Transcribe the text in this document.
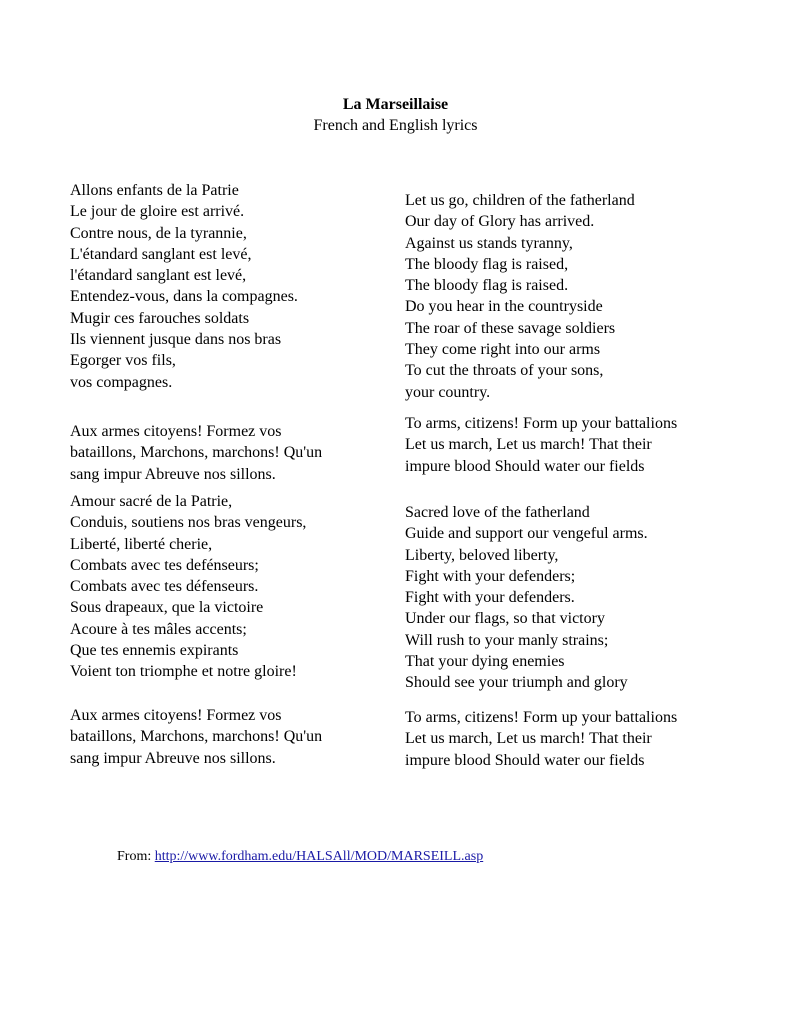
La Marseillaise
French and English lyrics

Allons enfants de la Patrie
Le jour de gloire est arrivé.
Contre nous, de la tyrannie,
L'étandard sanglant est levé,
l'étandard sanglant est levé,
Entendez-vous, dans la compagnes.
Mugir ces farouches soldats
Ils viennent jusque dans nos bras
Egorger vos fils,
vos compagnes.

Let us go, children of the fatherland
Our day of Glory has arrived.
Against us stands tyranny,
The bloody flag is raised,
The bloody flag is raised.
Do you hear in the countryside
The roar of these savage soldiers
They come right into our arms
To cut the throats of your sons,
your country.

Aux armes citoyens! Formez vos
bataillons, Marchons, marchons! Qu'un
sang impur Abreuve nos sillons.

To arms, citizens! Form up your battalions
Let us march, Let us march! That their
impure blood Should water our fields

Amour sacré de la Patrie,
Conduis, soutiens nos bras vengeurs,
Liberté, liberté cherie,
Combats avec tes defénseurs;
Combats avec tes défenseurs.
Sous drapeaux, que la victoire
Acoure à tes mâles accents;
Que tes ennemis expirants
Voient ton triomphe et notre gloire!

Sacred love of the fatherland
Guide and support our vengeful arms.
Liberty, beloved liberty,
Fight with your defenders;
Fight with your defenders.
Under our flags, so that victory
Will rush to your manly strains;
That your dying enemies
Should see your triumph and glory

Aux armes citoyens! Formez vos
bataillons, Marchons, marchons! Qu'un
sang impur Abreuve nos sillons.

To arms, citizens! Form up your battalions
Let us march, Let us march! That their
impure blood Should water our fields

From: http://www.fordham.edu/HALSAll/MOD/MARSEILL.asp
